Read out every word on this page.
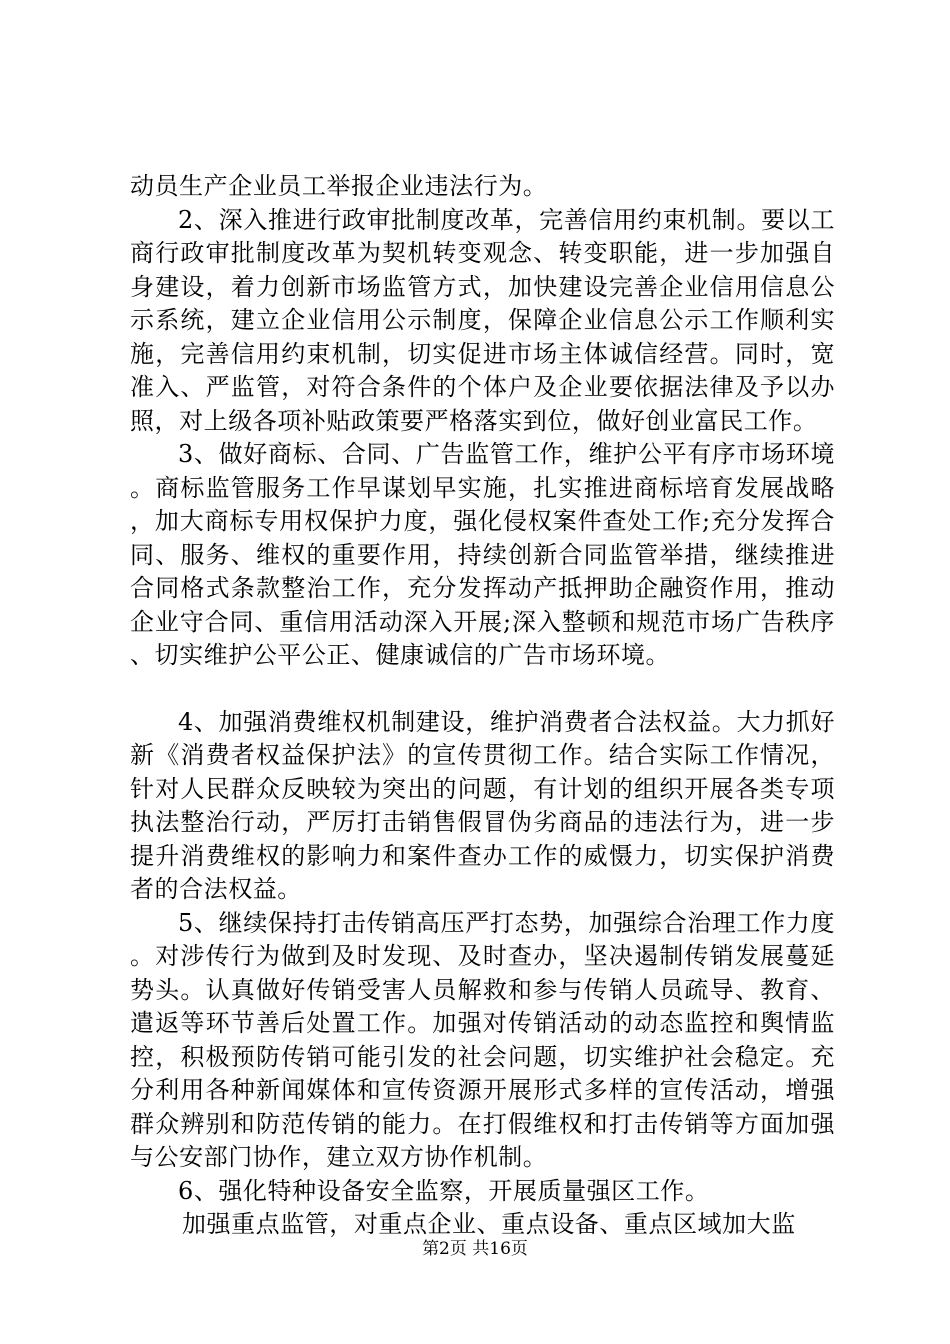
动员生产企业员工举报企业违法行为。

2、深入推进行政审批制度改革，完善信用约束机制。要以工商行政审批制度改革为契机转变观念、转变职能，进一步加强自身建设，着力创新市场监管方式，加快建设完善企业信用信息公示系统，建立企业信用公示制度，保障企业信息公示工作顺利实施，完善信用约束机制，切实促进市场主体诚信经营。同时，宽准入、严监管，对符合条件的个体户及企业要依据法律及予以办照，对上级各项补贴政策要严格落实到位，做好创业富民工作。

3、做好商标、合同、广告监管工作，维护公平有序市场环境。商标监管服务工作早谋划早实施，扎实推进商标培育发展战略，加大商标专用权保护力度，强化侵权案件查处工作;充分发挥合同、服务、维权的重要作用，持续创新合同监管举措，继续推进合同格式条款整治工作，充分发挥动产抵押助企融资作用，推动企业守合同、重信用活动深入开展;深入整顿和规范市场广告秩序、切实维护公平公正、健康诚信的广告市场环境。

4、加强消费维权机制建设，维护消费者合法权益。大力抓好新《消费者权益保护法》的宣传贯彻工作。结合实际工作情况，针对人民群众反映较为突出的问题，有计划的组织开展各类专项执法整治行动，严厉打击销售假冒伪劣商品的违法行为，进一步提升消费维权的影响力和案件查办工作的威慑力，切实保护消费者的合法权益。

5、继续保持打击传销高压严打态势，加强综合治理工作力度。对涉传行为做到及时发现、及时查办，坚决遏制传销发展蔓延势头。认真做好传销受害人员解救和参与传销人员疏导、教育、遣返等环节善后处置工作。加强对传销活动的动态监控和舆情监控，积极预防传销可能引发的社会问题，切实维护社会稳定。充分利用各种新闻媒体和宣传资源开展形式多样的宣传活动，增强群众辨别和防范传销的能力。在打假维权和打击传销等方面加强与公安部门协作，建立双方协作机制。

6、强化特种设备安全监察，开展质量强区工作。

加强重点监管，对重点企业、重点设备、重点区域加大监

第2页 共16页
